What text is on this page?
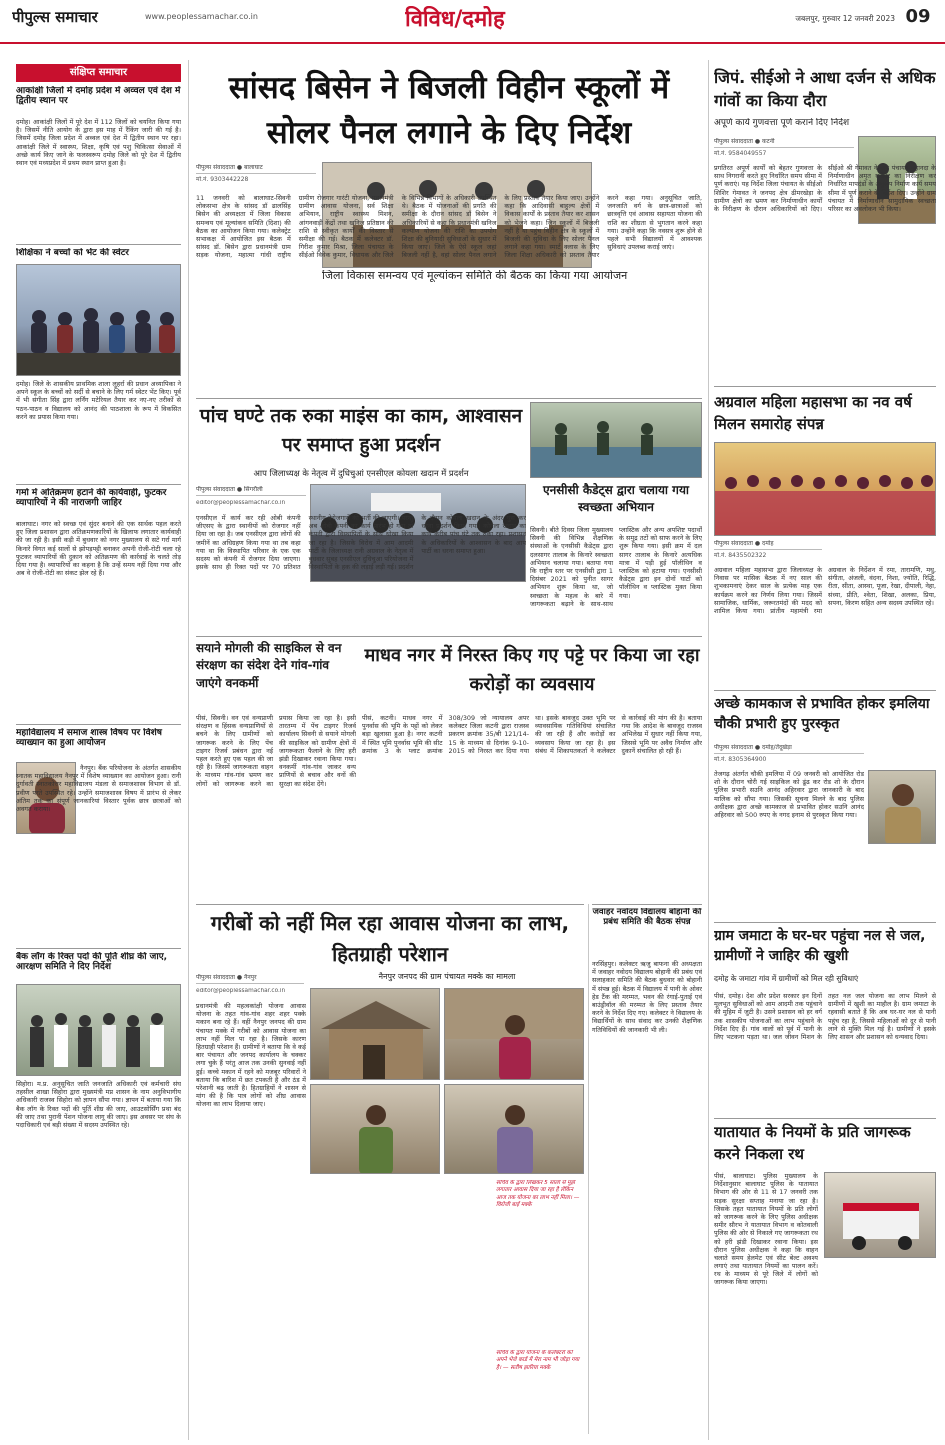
पीपुल्स समाचार	www.peoplessamachar.co.in	विविध/दमोह	जबलपुर, गुरुवार 12 जनवरी 2023 09
संक्षिप्त समाचार
आकांक्षी जिलों में दमोह प्रदेश में अव्वल एवं देश में द्वितीय स्थान पर
दमोह। आकांक्षी जिलों में पूरे देश में 112 जिलों को चयनित किया गया है। जिसमें नीति आयोग के द्वारा इस माह में रैंकिंग जारी की गई है। जिसमें दमोह जिला प्रदेश में अव्वल एवं देश में द्वितीय स्थान पर रहा। आकांक्षी जिले में स्वास्थ्य, शिक्षा, कृषि एवं पशु चिकित्सा सेवाओं में अच्छे कार्य किए जाने के फलस्वरूप दमोह जिले को पूरे देश में द्वितीय स्थान एवं मध्यप्रदेश में प्रथम स्थान प्राप्त हुआ है।
शिक्षिका ने बच्चों को भेंट की स्वेटर
दमोह। जिले के शासकीय प्राथमिक शाला लुहर्रा की प्रधान अध्यापिका ने अपने स्कूल के बच्चों को सर्दी से बचाने के लिए गर्म स्वेटर भेंट किए। पूर्व में भी संगीता सिंह द्वारा लर्निंग मटेरियल तैयार कर नए-नए तरीकों से पठन-पाठन व विद्यालय को आनंद की पाठशाला के रूप में विकसित करने का प्रयास किया गया।
गर्मा में अतिक्रमण हटाने की कार्यवाही, फुटकर व्यापारियों ने की नाराजगी जाहिर
बालाघाट। नगर को स्वच्छ एवं सुंदर बनाने की एक सार्थक पहल करते हुए जिला प्रशासन द्वारा अतिक्रमणकारियों के खिलाफ लगातार कार्यवाही की जा रही है। इसी कड़ी में बुधवार को नगर मुख्यालय से सटे गर्रा मार्ग किनारे विगत कई सालों से झोपड़पट्टी बनाकर अपनी रोजी-रोटी चला रहे फुटकर व्यापारियों की दुकान को अतिक्रमण की कार्रवाई के चलते तोड़ दिया गया है। व्यापारियों का कहना है कि उन्हें समय नहीं दिया गया और अब वे रोजी-रोटी का संकट झेल रहे हैं।
महाविद्यालय में समाज शास्त्र विषय पर विशेष व्याख्यान का हुआ आयोजन
नैनपुर। बैंक परियोजना के अंतर्गत शासकीय स्नातक महाविद्यालय नैनपुर में विशेष व्याख्यान का आयोजन हुआ। रानी दुर्गावती स्नातकोत्तर महाविद्यालय मंडला से समाजशास्त्र विभाग से डॉ. प्रवीण परते उपस्थित रहे। उन्होंने समाजशास्त्र विषय में प्रारंभ से लेकर अंतिम तक का संपूर्ण जानकारियां विस्तार पूर्वक छात्र छात्राओं को अवगत कराया।
बैक लॉग के रिक्त पदों की पूर्ति शीघ्र की जाए, आरक्षण समिति ने दिए निर्देश
सिहोरा। म.प्र. अनुसूचित जाति जनजाति अधिकारी एवं कर्मचारी संघ तहसील शाखा सिहोरा द्वारा मुख्यमंत्री मप्र शासन के नाम अनुविभागीय अधिकारी राजस्व सिहोरा को ज्ञापन सौंपा गया। ज्ञापन में बताया गया कि बैक लॉग के रिक्त पदों की पूर्ति शीघ्र की जाए, आउटसोर्सिंग प्रथा बंद की जाए तथा पुरानी पेंशन योजना लागू की जाए। इस अवसर पर संघ के पदाधिकारी एवं बड़ी संख्या में सदस्य उपस्थित रहे।
सांसद बिसेन ने बिजली विहीन स्कूलों में सोलर पैनल लगाने के दिए निर्देश
जिला विकास समन्वय एवं मूल्यांकन समिति की बैठक का किया गया आयोजन
पीपुल्स संवाददाता ● बालाघाट
मो.नं. 9303442228
11 जनवरी को बालाघाट-सिवनी लोकसभा क्षेत्र के सांसद डॉ ढालसिंह बिसेन की अध्यक्षता में जिला विकास समन्वय एवं मूल्यांकन समिति (दिशा) की बैठक का आयोजन किया गया। कलेक्ट्रेट सभाकक्ष में आयोजित इस बैठक में सांसद डॉ. बिसेन द्वारा प्रधानमंत्री ग्राम सड़क योजना, महात्मा गांधी राष्ट्रीय ग्रामीण रोजगार गारंटी योजना, प्रधानमंत्री ग्रामीण आवास योजना, सर्व शिक्षा अभियान, राष्ट्रीय स्वास्थ्य मिशन, आंगनवाड़ी केंद्रों तथा खनिज प्रतिष्ठान की राशि से स्वीकृत कार्यों की विस्तार से समीक्षा की गई। बैठक में कलेक्टर डॉ. गिरीश कुमार मिश्रा, जिला पंचायत के सीईओ विवेक कुमार, विधायक और जिले के विभिन्न विभागों के अधिकारी उपस्थित थे। बैठक में योजनाओं की प्रगति की समीक्षा के दौरान सांसद डॉ बिसेन ने अधिकारियों से कहा कि प्रधानमंत्री खनिज कल्याण योजना की राशि का उपयोग शिक्षा की बुनियादी सुविधाओं के सुधार में किया जाए। जिले के ऐसे स्कूल जहां बिजली नहीं है, वहां सोलर पैनल लगाने के लिए प्रस्ताव तैयार किया जाए। उन्होंने कहा कि आदिवासी बाहुल्य क्षेत्रों में विकास कार्यों के प्रस्ताव तैयार कर शासन को भेजने कहा। जिन स्कूलों में बिजली नहीं है या पहुंच विहीन क्षेत्र के स्कूलों में बिजली की सुविधा के लिए सोलर पैनल लगाने कहा गया। स्मार्ट क्लास के लिए जिला शिक्षा अधिकारी को प्रस्ताव तैयार करने कहा गया। अनुसूचित जाति, जनजाति वर्ग के छात्र-छात्राओं को छात्रवृत्ति एवं आवास सहायता योजना की राशि का शीघ्रता से भुगतान करने कहा गया। उन्होंने कहा कि नवसत्र शुरू होने से पहले सभी विद्यालयों में आवश्यक सुविधाएं उपलब्ध कराई जाएं।
जिपं. सीईओ ने आधा दर्जन से अधिक गांवों का किया दौरा
अपूर्ण कार्य गुणवत्ता पूर्ण कराने दिए निर्देश
पीपुल्स संवाददाता ● कटनी
मो.नं. 9584049557
प्रगतिरत अपूर्ण कार्यों को बेहतर गुणवत्ता के साथ निगरानी करते हुए निर्धारित समय सीमा में पूर्ण कराएं। यह निर्देश जिला पंचायत के सीईओ शिशिर गेमावत ने जनपद क्षेत्र ढीमरखेड़ा के ग्रामीण क्षेत्रों का भ्रमण कर निर्माणाधीन कार्यों के निरीक्षण के दौरान अधिकारियों को दिए। सीईओ श्री गेमावत ने ग्राम पंचायत महानदा के निर्माणाधीन अमृत सरोवर का निरीक्षण कर निर्धारित मापदंडों के अनुरूप निर्माण कार्य समय सीमा में पूर्ण कराने के निर्देश दिए। उन्होंने ग्राम पंचायत में निर्माणाधीन सामुदायिक स्वच्छता परिसर का अवलोकन भी किया।
अग्रवाल महिला महासभा का नव वर्ष मिलन समारोह संपन्न
पीपुल्स संवाददाता ● दमोह
मो.नं. 8435502322
अग्रवाल महिला महासभा द्वारा जिलाध्यक्ष के निवास पर मासिक बैठक में नए साल की शुभकामनाएं देकर साल के प्रत्येक माह एक कार्यक्रम करने का निर्णय लिया गया। जिसमें सामाजिक, धार्मिक, जरूरतमंदों की मदद को शामिल किया गया। प्रांतीय महामंत्री रमा अग्रवाल के निर्देशन में रमा, तारामणि, मधु, संगीता, अंजली, वंदना, निशा, ज्योति, रिद्धि, रीता, सीता, आस्था, पूजा, रेखा, दीपाली, नेहा, संध्या, प्रीति, श्वेता, शिखा, अलका, प्रिया, सपना, किरण सहित अन्य सदस्य उपस्थित रहे।
अच्छे कामकाज से प्रभावित होकर इमलिया चौकी प्रभारी हुए पुरस्कृत
पीपुल्स संवाददाता ● दमोह/तेंदूखेड़ा
मो.नं. 8305364900
तेजगढ़ अंतर्गत चौकी इमलिया में 09 जनवरी को आयोजित रोड शो के दौरान चोरी गई साइकिल को ढूंढ कर रोड शो के दौरान पुलिस प्रभारी सउनि आनंद अहिरवार द्वारा जानकारी के बाद मालिक को सौंपा गया। जिसकी सूचना मिलने के बाद पुलिस अधीक्षक द्वारा अच्छे कामकाज से प्रभावित होकर सउनि आनंद अहिरवार को 500 रुपए के नगद इनाम से पुरस्कृत किया गया।
ग्राम जमाटा के घर-घर पहुंचा नल से जल, ग्रामीणों ने जाहिर की खुशी
दमोह के जमाटा गांव में ग्रामीणों को मिल रही सुविधाएं
पीसं, दमोह। देश और प्रदेश सरकार इन दिनों मूलभूत सुविधाओं को आम आदमी तक पहुंचाने की मुहिम में जुटी है। उसने प्रशासन को हर वर्ग तक शासकीय योजनाओं का लाभ पहुंचाने के निर्देश दिए हैं। गांव वालों को पूर्व में पानी के लिए भटकना पड़ता था। जल जीवन मिशन के तहत नल जल योजना का लाभ मिलने से ग्रामीणों में खुशी का माहौल है। ग्राम जमाटा के रहवासी बताते हैं कि अब घर-घर नल से पानी पहुंच रहा है, जिससे महिलाओं को दूर से पानी लाने से मुक्ति मिल गई है। ग्रामीणों ने इसके लिए शासन और प्रशासन को धन्यवाद दिया।
यातायात के नियमों के प्रति जागरूक करने निकला रथ
पीसं, बालाघाट। पुलिस मुख्यालय के निर्देशानुसार बालाघाट पुलिस के यातायात विभाग की ओर से 11 से 17 जनवरी तक सड़क सुरक्षा सप्ताह मनाया जा रहा है। जिसके तहत यातायात नियमों के प्रति लोगों को जागरूक करने के लिए पुलिस अधीक्षक समीर सौरभ ने यातायात विभाग व कोतवाली पुलिस की ओर से निकाले गए जागरूकता रथ को हरी झंडी दिखाकर रवाना किया। इस दौरान पुलिस अधीक्षक ने कहा कि वाहन चलाते समय हेलमेट एवं सीट बेल्ट अवश्य लगाएं तथा यातायात नियमों का पालन करें। रथ के माध्यम से पूरे जिले में लोगों को जागरूक किया जाएगा।
पांच घण्टे तक रुका माइंस का काम, आश्वासन पर समाप्त हुआ प्रदर्शन
आप जिलाध्यक्ष के नेतृत्व में दुधिचुआं एनसीएल कोयला खदान में प्रदर्शन
पीपुल्स संवाददाता ● सिंगरौली
editor@peoplessamachar.co.in
एनसीएल में कार्य कर रही ओबी कंपनी जीएसए के द्वारा स्थानीयों को रोजगार नहीं दिया जा रहा है। जब एनसीएल द्वारा लोगों की जमीनें का अधिग्रहण किया गया था तब कहा गया था कि विस्थापित परिवार के एक एक सदस्य को कंपनी में रोजगार दिया जाएगा। इसके साथ ही रिक्त पदों पर 70 प्रतिशत स्थानीय बेरोजगारों की भर्ती की जाएगी। परन्तु अब ओबी कंपनी का कार्य प्रारंभ हो गया तो कंपनी द्वारा विस्थापितों के साथ धोखा किया जा रहा है। जिसके विरोध में आम आदमी पार्टी के जिलाध्यक्ष रानी अग्रवाल के नेतृत्व में बुधवार सुबह एनसीएल दुधिचुआ परियोजना में विस्थापितों के हक की लड़ाई लड़ी गई। प्रदर्शन के दौरान कोयला खदान के अंदर घुस कर धरना प्रदर्शन किया गया। कोयला खदान का कार्य करीब पांच घंटे तक रुका रहा। प्रशासन के अधिकारियों के आश्वासन के बाद आप पार्टी का धरना समाप्त हुआ।
एनसीसी कैडेट्स द्वारा चलाया गया स्वच्छता अभियान
सिवनी। बीते दिवस जिला मुख्यालय सिवनी की विभिन्न शैक्षणिक संस्थाओं के एनसीसी कैडेट्स द्वारा दलसागर तालाब के किनारे स्वच्छता अभियान चलाया गया। बताया गया कि राष्ट्रीय स्तर पर एनसीसी द्वारा 1 दिसंबर 2021 को पुनीत सागर अभियान शुरू किया था, जो स्वच्छता के महत्व के बारे में जागरूकता बढ़ाने के साथ-साथ प्लास्टिक और अन्य अपशिष्ट पदार्थों के समुद्र तटों को साफ करने के लिए शुरू किया गया। इसी क्रम में दल सागर तालाब के किनारे अत्यधिक मात्रा में पड़ी हुई पॉलीथिन व प्लास्टिक को हटाया गया। एनसीसी कैडेट्स द्वारा इन दोनों घाटों को पॉलीथिन व प्लास्टिक मुक्त किया गया।
सयाने मोगली की साइकिल से वन संरक्षण का संदेश देने गांव-गांव जाएंगे वनकर्मी
पीसं, सिवनी। वन एवं वन्यप्राणी संरक्षण व हिंसक वन्यप्राणियों से बचने के लिए ग्रामीणों को जागरूक करने के लिए पेंच टाइगर रिजर्व प्रबंधन द्वारा नई पहल करते हुए एक पहल की जा रही है। जिसमें जागरूकता वाहन के माध्यम गांव-गांव भ्रमण कर लोगों को जागरूक करने का प्रयास किया जा रहा है। इसी तारतम्य में पेंच टाइगर रिजर्व कार्यालय सिवनी से सयाने मोगली की साइकिल को ग्रामीण क्षेत्रों में जागरूकता फैलाने के लिए हरी झंडी दिखाकर रवाना किया गया। वनकर्मी गांव-गांव जाकर वन्य प्राणियों से बचाव और वनों की सुरक्षा का संदेश देंगे।
माधव नगर में निरस्त किए गए पट्टे पर किया जा रहा करोड़ों का व्यवसाय
पीसं, कटनी। माधव नगर में पुनर्वास की भूमि के पट्टों को लेकर बड़ा खुलासा हुआ है। नगर कटनी में स्थित भूमि पुनर्वास भूमि की सीट क्रमांक 3 के प्लाट क्रमांक 308/309 जो न्यायालय अपर कलेक्टर जिला कटनी द्वारा राजस्व प्रकरण क्रमांक 35/बी 121/14-15 के माध्यम से दिनांक 9-10-2015 को निरस्त कर दिया गया था। इसके बावजूद उक्त भूमि पर व्यावसायिक गतिविधियां संचालित की जा रही हैं और करोड़ों का व्यवसाय किया जा रहा है। इस संबंध में शिकायतकर्ता ने कलेक्टर से कार्रवाई की मांग की है। बताया गया कि आदेश के बावजूद राजस्व अभिलेख में सुधार नहीं किया गया, जिससे भूमि पर अवैध निर्माण और दुकानें संचालित हो रही हैं।
जवाहर नवोदय विद्यालय बोहानी की प्रबंध समिति की बैठक संपन्न
नरसिंहपुर। कलेक्टर ऋजु बाफना की अध्यक्षता में जवाहर नवोदय विद्यालय बोहानी की प्रबंध एवं सलाहकार समिति की बैठक बुधवार को बोहानी में संपन्न हुई। बैठक में विद्यालय में पानी के ओवर हेड टैंक की मरम्मत, भवन की रंगाई-पुताई एवं बाउंड्रीवॉल की मरम्मत के लिए प्रस्ताव तैयार करने के निर्देश दिए गए। कलेक्टर ने विद्यालय के विद्यार्थियों के साथ संवाद कर उनकी शैक्षणिक गतिविधियों की जानकारी भी ली।
गरीबों को नहीं मिल रहा आवास योजना का लाभ, हितग्राही परेशान
पीपुल्स संवाददाता ● नैनपुर
editor@peoplessamachar.co.in
नैनपुर जनपद की ग्राम पंचायत मक्के का मामला
प्रधानमंत्री की महत्वकांक्षी योजना आवास योजना के तहत गांव-गांव शहर शहर पक्के मकान बना रहे हैं। वहीं नैनपुर जनपद की ग्राम पंचायत मक्के में गरीबों को आवास योजना का लाभ नहीं मिल पा रहा है। जिसके कारण हितग्राही परेशान हैं। ग्रामीणों ने बताया कि वे कई बार पंचायत और जनपद कार्यालय के चक्कर लगा चुके हैं परंतु आज तक उनकी सुनवाई नहीं हुई। कच्चे मकान में रहने को मजबूर परिवारों ने बताया कि बारिश में छत टपकती है और ठंड में परेशानी बढ़ जाती है। हितग्राहियों ने शासन से मांग की है कि पात्र लोगों को शीघ्र आवास योजना का लाभ दिलाया जाए।
सचिव के द्वारा लिखकर 5 सालों से मुझे लगातार आवास दिया जा रहा है लेकिन आज तक योजना का लाभ नहीं मिला। — विरोजी बाई मक्के
सचिव के द्वारा योजना के कलेक्टरों को अपने भेजे कार्ड में मेरा नाम भी जोड़ा गया है। — सतीष झारिया मक्के
